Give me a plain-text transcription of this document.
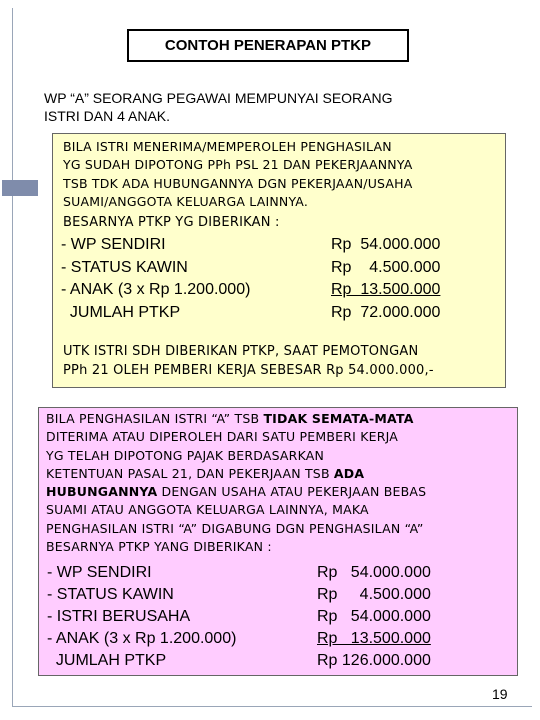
CONTOH PENERAPAN PTKP
WP “A” SEORANG PEGAWAI MEMPUNYAI SEORANG
ISTRI DAN 4 ANAK.
BILA ISTRI MENERIMA/MEMPEROLEH PENGHASILAN
YG SUDAH DIPOTONG PPh PSL 21 DAN PEKERJAANNYA
TSB TDK ADA HUBUNGANNYA DGN PEKERJAAN/USAHA
SUAMI/ANGGOTA KELUARGA LAINNYA.
BESARNYA PTKP YG DIBERIKAN :
- WP SENDIRI	Rp  54.000.000
- STATUS KAWIN	Rp    4.500.000
- ANAK (3 x Rp 1.200.000)	Rp  13.500.000
JUMLAH PTKP	Rp  72.000.000
UTK ISTRI SDH DIBERIKAN PTKP, SAAT PEMOTONGAN
PPh 21 OLEH PEMBERI KERJA SEBESAR Rp 54.000.000,-
BILA PENGHASILAN ISTRI “A” TSB TIDAK SEMATA-MATA
DITERIMA ATAU DIPEROLEH DARI SATU PEMBERI KERJA
YG TELAH DIPOTONG PAJAK BERDASARKAN
KETENTUAN PASAL 21, DAN PEKERJAAN TSB ADA
HUBUNGANNYA DENGAN USAHA ATAU PEKERJAAN BEBAS
SUAMI ATAU ANGGOTA KELUARGA LAINNYA, MAKA
PENGHASILAN ISTRI “A” DIGABUNG DGN PENGHASILAN “A”
BESARNYA PTKP YANG DIBERIKAN :
- WP SENDIRI	Rp   54.000.000
- STATUS KAWIN	Rp     4.500.000
- ISTRI BERUSAHA	Rp   54.000.000
- ANAK (3 x Rp 1.200.000)	Rp   13.500.000
JUMLAH PTKP	Rp 126.000.000
19
